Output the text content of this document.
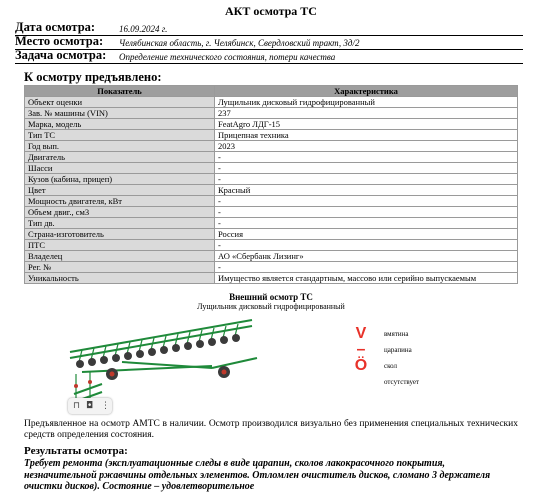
АКТ осмотра ТС
Дата осмотра:	16.09.2024 г.
Место осмотра: Челябинская область, г. Челябинск, Свердловский тракт, 3д/2
Задача осмотра: Определение технического состояния, потери качества
К осмотру предъявлено:
Показатель	Характеристика
Объект оценки	Лущильник дисковый гидрофицированный
Зав. № машины (VIN)	237
Марка, модель	FeatAgro ЛДГ-15
Тип ТС	Прицепная техника
Год вып.	2023
Двигатель	-
Шасси	-
Кузов (кабина, прицеп)	-
Цвет	Красный
Мощность двигателя, кВт	-
Объем двиг., см3	-
Тип дв.	-
Страна-изготовитель	Россия
ПТС	-
Владелец	АО «Сбербанк Лизинг»
Рег. №	-
Уникальность	Имущество является стандартным, массово или серийно выпускаемым
Внешний осмотр ТС
Лущильник дисковый гидрофицированный
⊓ ◘ ⋮
V	вмятина
–	царапина
Ö	скол
отсутствует
Предъявленное на осмотр АМТС в наличии. Осмотр производился визуально без применения специальных технических средств определения состояния.
Результаты осмотра:
Требует ремонта (эксплуатационные следы в виде царапин, сколов лакокрасочного покрытия, незначительной ржавчины отдельных элементов. Отломлен очиститель дисков, сломано 3 держателя очистки дисков). Состояние – удовлетворительное
